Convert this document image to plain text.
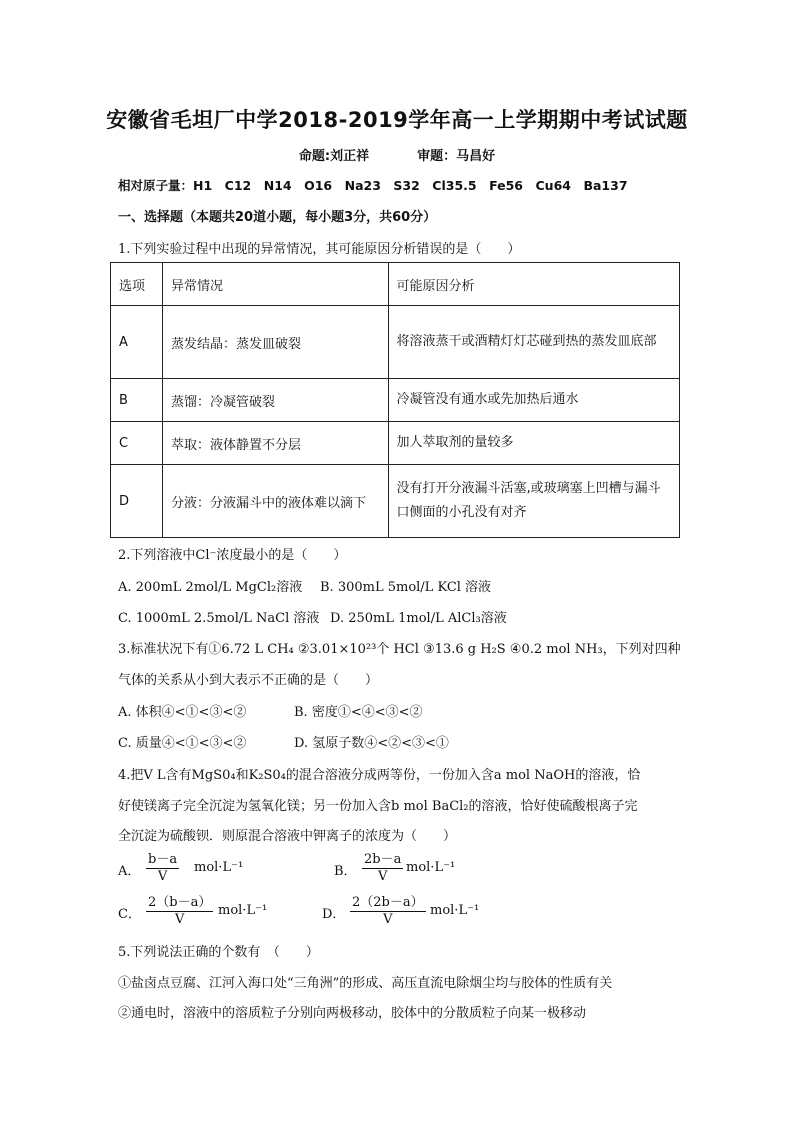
安徽省毛坦厂中学2018-2019学年高一上学期期中考试试题
命题:刘正祥	审题：马昌好
相对原子量：H1　C12　N14　O16　Na23　S32　Cl35.5　Fe56　Cu64　Ba137
一、选择题（本题共20道小题，每小题3分，共60分）
1.下列实验过程中出现的异常情况，其可能原因分析错误的是（　　）
选项	异常情况	可能原因分析
A	蒸发结晶：蒸发皿破裂	将溶液蒸干或酒精灯灯芯碰到热的蒸发皿底部
B	蒸馏：冷凝管破裂	冷凝管没有通水或先加热后通水
C	萃取：液体静置不分层	加人萃取剂的量较多
D	分液：分液漏斗中的液体难以滴下	没有打开分液漏斗活塞,或玻璃塞上凹槽与漏斗口侧面的小孔没有对齐
2.下列溶液中Cl⁻浓度最小的是（　　）
A. 200mL 2mol/L MgCl₂溶液 B. 300mL 5mol/L KCl 溶液
C. 1000mL 2.5mol/L NaCl 溶液 D. 250mL 1mol/L AlCl₃溶液
3.标准状况下有①6.72 L CH₄ ②3.01×10²³个 HCl ③13.6 g H₂S ④0.2 mol NH₃，下列对四种
气体的关系从小到大表示不正确的是（　　）
A. 体积④<①<③<②	B. 密度①<④<③<②
C. 质量④<①<③<②	D. 氢原子数④<②<③<①
4.把V L含有MgS0₄和K₂S0₄的混合溶液分成两等份，一份加入含a mol NaOH的溶液，恰
好使镁离子完全沉淀为氢氧化镁；另一份加入含b mol BaCl₂的溶液，恰好使硫酸根离子完
全沉淀为硫酸钡．则原混合溶液中钾离子的浓度为（　　）
A． $\frac{b-a}{V} mol\cdot L^{-1}$	B． $\frac{2b-a}{V} mol\cdot L^{-1}$
C． $\frac{2(b-a)}{V} mol\cdot L^{-1}$	D． $\frac{2(2b-a)}{V} mol\cdot L^{-1}$
5.下列说法正确的个数有　（　　）
①盐卤点豆腐、江河入海口处“三角洲”的形成、高压直流电除烟尘均与胶体的性质有关
②通电时，溶液中的溶质粒子分别向两极移动，胶体中的分散质粒子向某一极移动
